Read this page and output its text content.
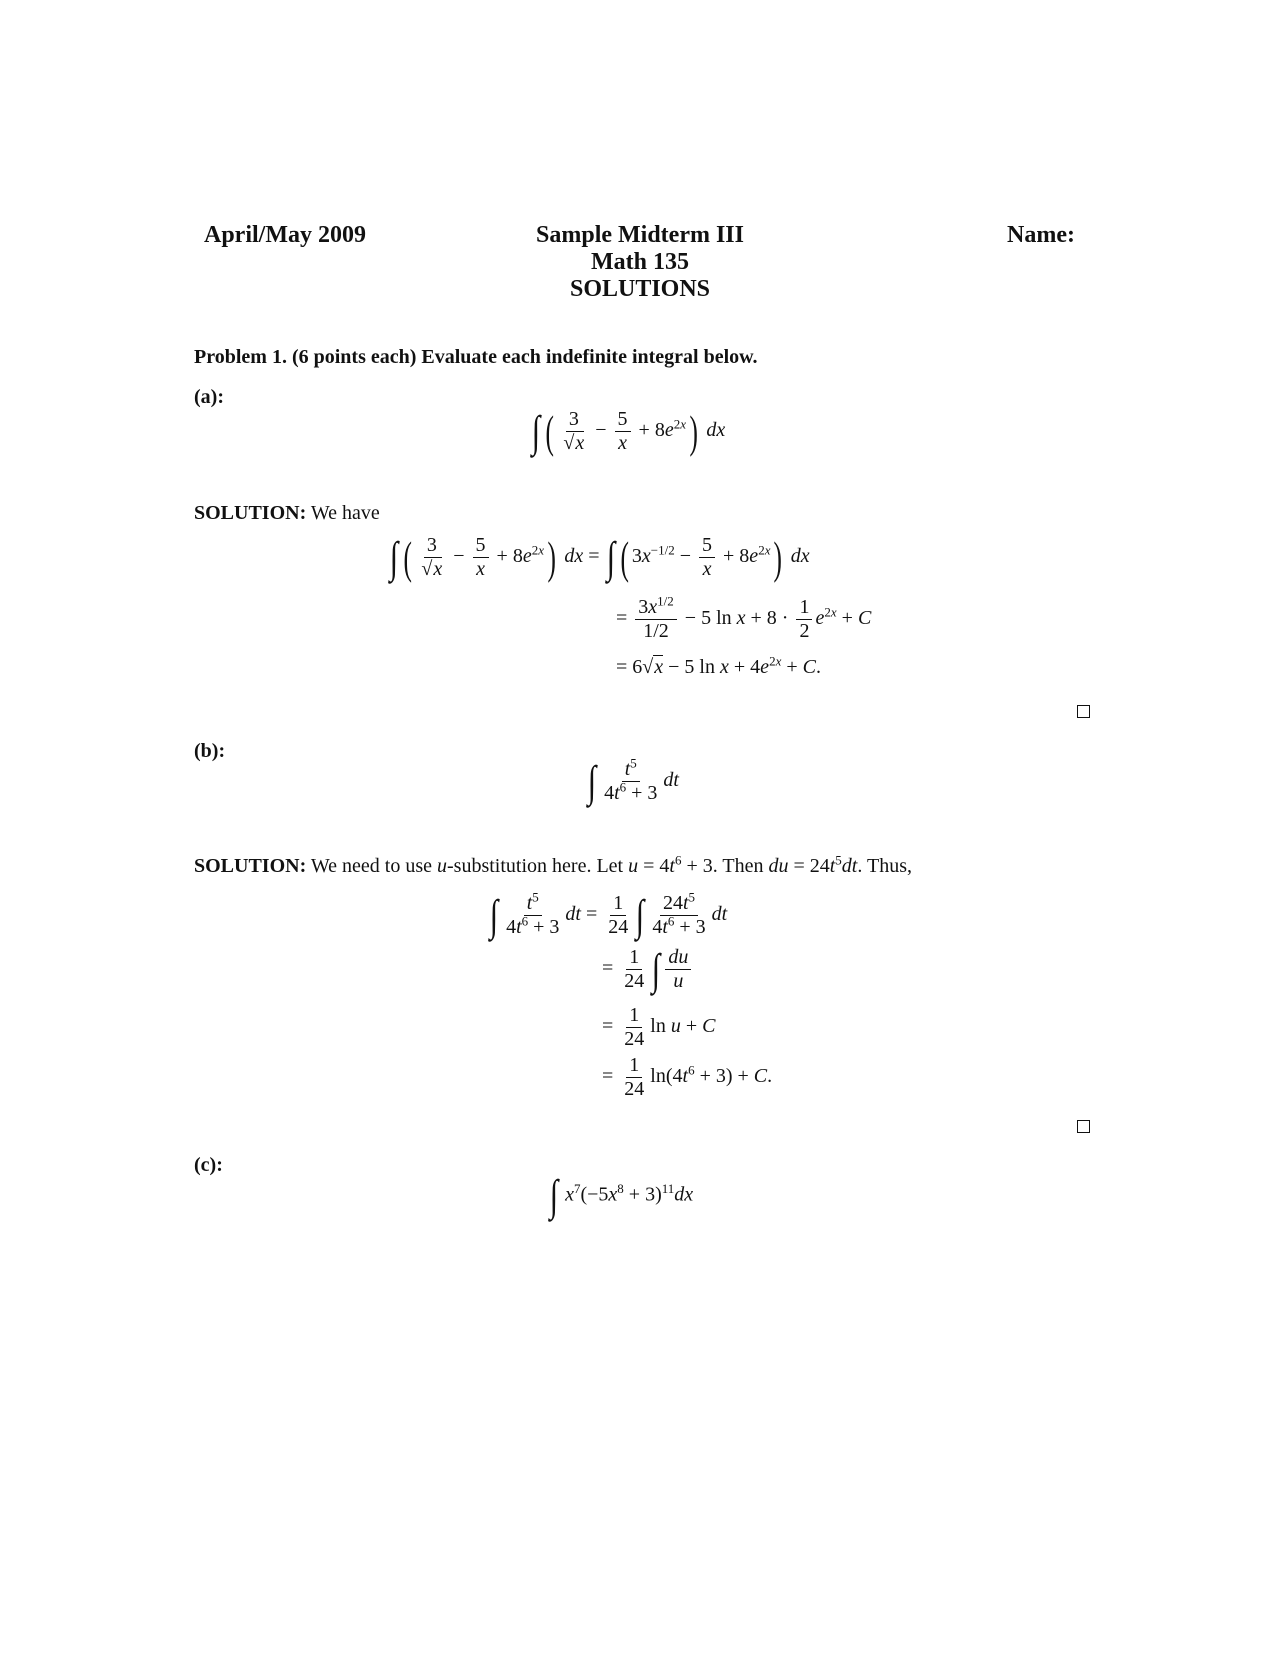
April/May 2009	Sample Midterm III
Math 135
SOLUTIONS
Name:
Problem 1. (6 points each) Evaluate each indefinite integral below.
(a):
∫ ( $\frac{3}{√x} - \frac{5}{x} + 8e^{2x}$) dx
SOLUTION: We have
∫ ( $\frac{3}{√x} - \frac{5}{x} + 8e^{2x}$) dx = ∫ ( $3x^{-1/2} - \frac{5}{x} + 8e^{2x}$) dx
= $\frac{3x^{1/2}}{1/2} - 5$ $\ln x + 8 \cdot \frac{1}{2} e^{2x} + C$
= 6√x − 5 $\ln x + 4e^{2x} + C$.
(b):
∫ $\frac{t^5}{4t^6 + 3}$ dt
SOLUTION: We need to use u-substitution here. Let $u = 4t^6 + 3$. Then du = $24t^5dt$. Thus,
∫ $\frac{t^5}{4t^6 + 3}$ dt = $\frac{1}{24}$ ∫ $\frac{24t^5}{4t^6 + 3}$ dt
= $\frac{1}{24}$ ∫ $\frac{du}{u}$
= $\frac{1}{24}$ ln u + C
= $\frac{1}{24} \ln(4t^6 + 3) + C$.
(c):
∫ $x^7(-5x^8 + 3)^{11}dx$
